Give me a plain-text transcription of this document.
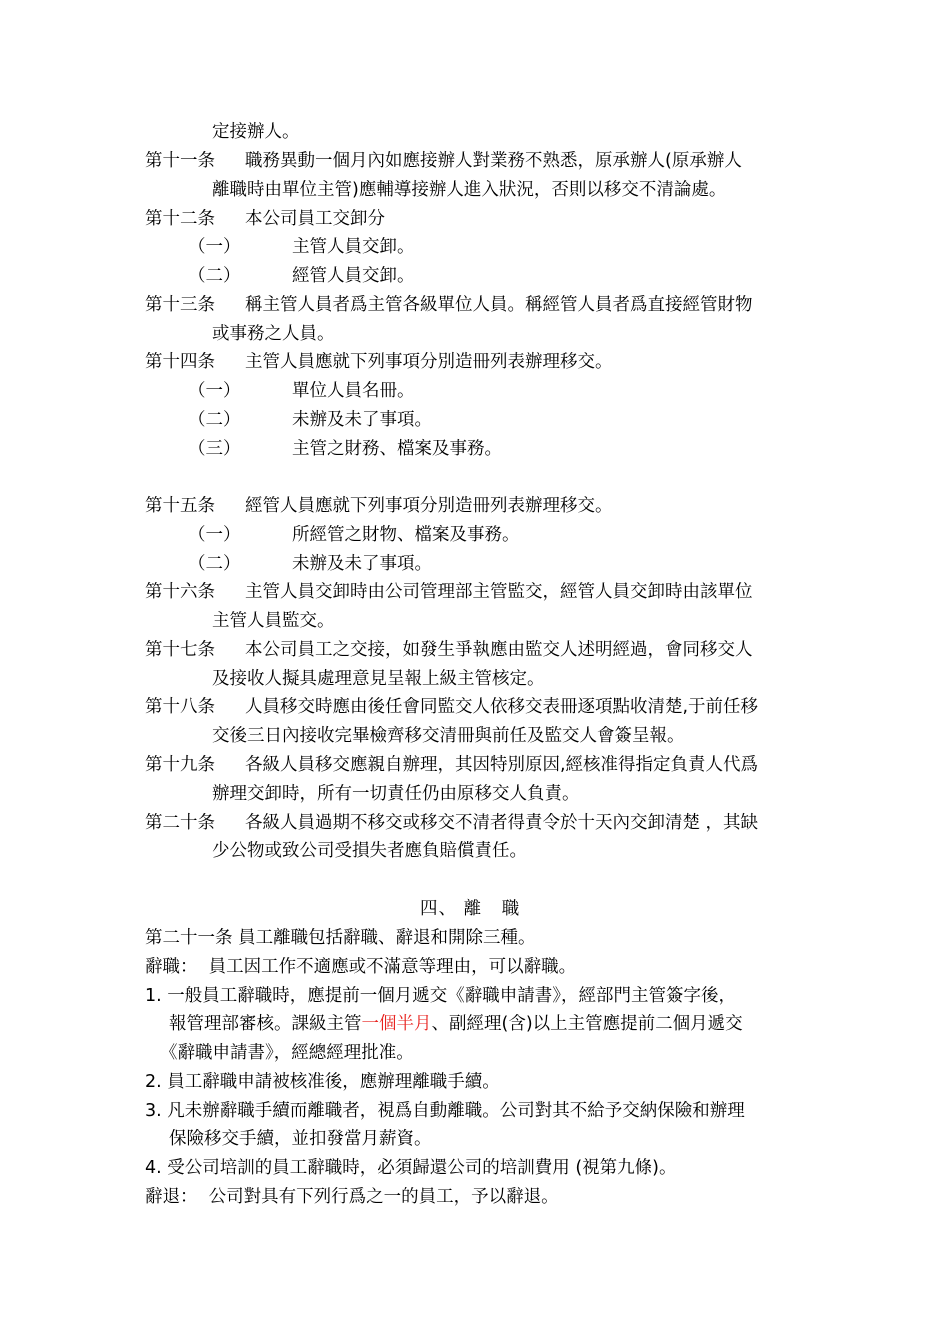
定接辦人。
第十一条 職務異動一個月內如應接辦人對業務不熟悉，原承辦人(原承辦人
離職時由單位主管)應輔導接辦人進入狀況，否則以移交不清論處。
第十二条 本公司員工交卸分
（一）	主管人員交卸。
（二）	經管人員交卸。
第十三条 稱主管人員者爲主管各級單位人員。稱經管人員者爲直接經管財物
或事務之人員。
第十四条 主管人員應就下列事項分別造冊列表辦理移交。
（一）	單位人員名冊。
（二）	未辦及未了事項。
（三）	主管之財務、檔案及事務。
第十五条 經管人員應就下列事項分別造冊列表辦理移交。
（一）	所經管之財物、檔案及事務。
（二）	未辦及未了事項。
第十六条 主管人員交卸時由公司管理部主管監交，經管人員交卸時由該單位
主管人員監交。
第十七条 本公司員工之交接，如發生爭執應由監交人述明經過，會同移交人
及接收人擬具處理意見呈報上級主管核定。
第十八条 人員移交時應由後任會同監交人依移交表冊逐項點收清楚,于前任移
交後三日內接收完畢檢齊移交清冊與前任及監交人會簽呈報。
第十九条 各級人員移交應親自辦理，其因特別原因,經核准得指定負責人代爲
辦理交卸時，所有一切責任仍由原移交人負責。
第二十条 各級人員過期不移交或移交不清者得責令於十天內交卸清楚 ，其缺
少公物或致公司受損失者應負賠償責任。
四、 離   職
第二十一条 員工離職包括辭職、辭退和開除三種。
辭職：  員工因工作不適應或不滿意等理由，可以辭職。
1. 一般員工辭職時，應提前一個月遞交《辭職申請書》，經部門主管簽字後，
報管理部審核。課級主管一個半月、副經理(含)以上主管應提前二個月遞交
《辭職申請書》，經總經理批准。
2. 員工辭職申請被核准後，應辦理離職手續。
3. 凡未辦辭職手續而離職者，視爲自動離職。公司對其不給予交納保險和辦理
保險移交手續，並扣發當月薪資。
4. 受公司培訓的員工辭職時，必須歸還公司的培訓費用 (視第九條)。
辭退：  公司對具有下列行爲之一的員工，予以辭退。
